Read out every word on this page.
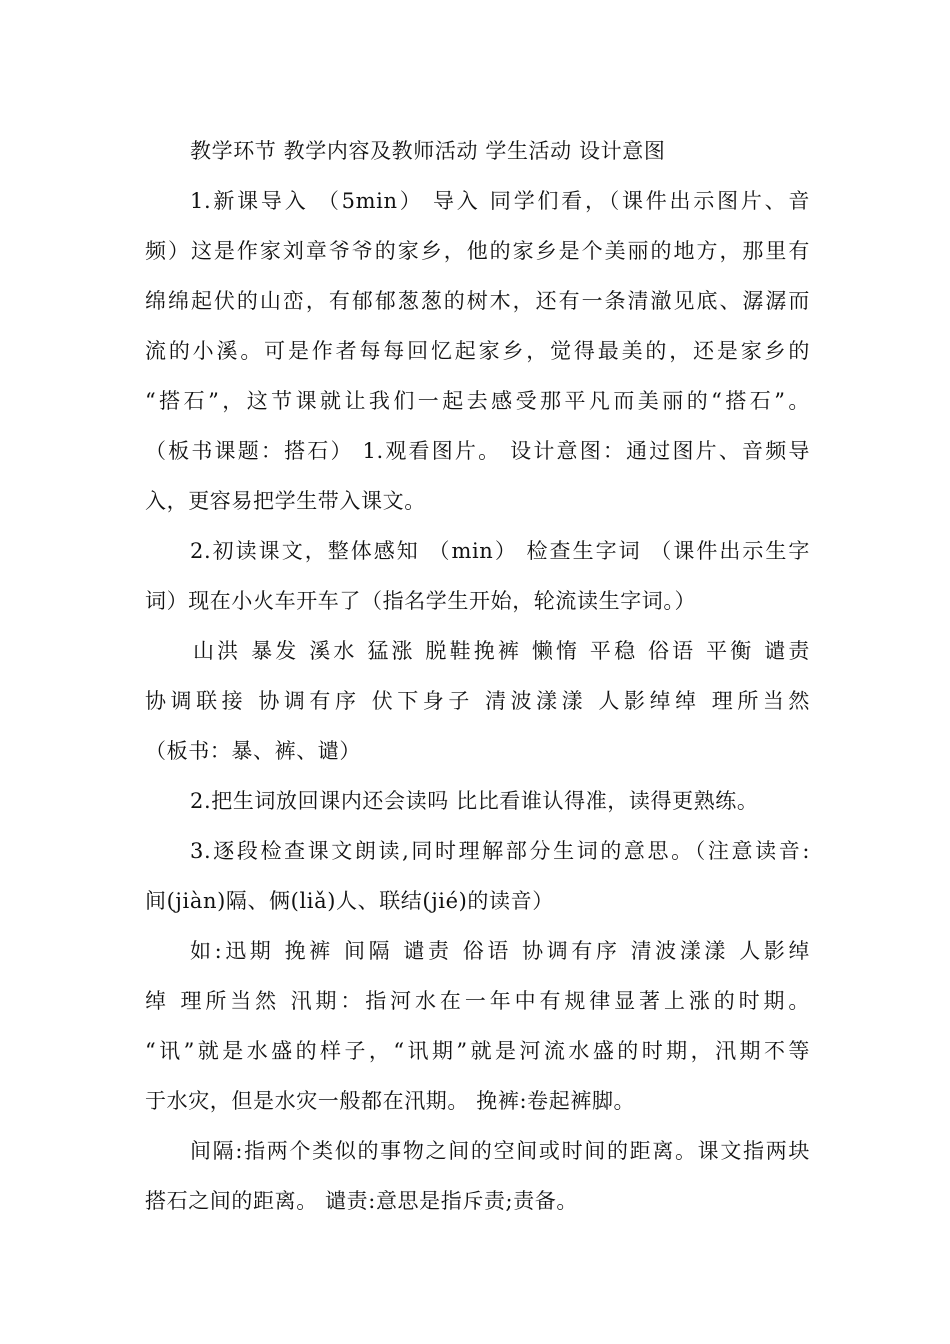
教学环节 教学内容及教师活动 学生活动 设计意图
1.新课导入 （5min） 导入 同学们看，（课件出示图片、音
频）这是作家刘章爷爷的家乡，他的家乡是个美丽的地方，那里有
绵绵起伏的山峦，有郁郁葱葱的树木，还有一条清澈见底、潺潺而
流的小溪。可是作者每每回忆起家乡，觉得最美的，还是家乡的
“搭石”，这节课就让我们一起去感受那平凡而美丽的“搭石”。
（板书课题：搭石） 1.观看图片。 设计意图：通过图片、音频导
入，更容易把学生带入课文。
2.初读课文，整体感知 （min） 检查生字词 （课件出示生字
词）现在小火车开车了（指名学生开始，轮流读生字词。）
山洪 暴发 溪水 猛涨 脱鞋挽裤 懒惰 平稳 俗语 平衡 谴责
协调联接 协调有序 伏下身子 清波漾漾 人影绰绰 理所当然
（板书：暴、裤、谴）
2.把生词放回课内还会读吗 比比看谁认得准，读得更熟练。
3.逐段检查课文朗读,同时理解部分生词的意思。（注意读音:
间(jiàn)隔、俩(liǎ)人、联结(jié)的读音）
如:迅期 挽裤 间隔 谴责 俗语 协调有序 清波漾漾 人影绰
绰 理所当然 汛期：指河水在一年中有规律显著上涨的时期。
“讯”就是水盛的样子，“讯期”就是河流水盛的时期，汛期不等
于水灾，但是水灾一般都在汛期。 挽裤:卷起裤脚。
间隔:指两个类似的事物之间的空间或时间的距离。课文指两块
搭石之间的距离。 谴责:意思是指斥责;责备。
